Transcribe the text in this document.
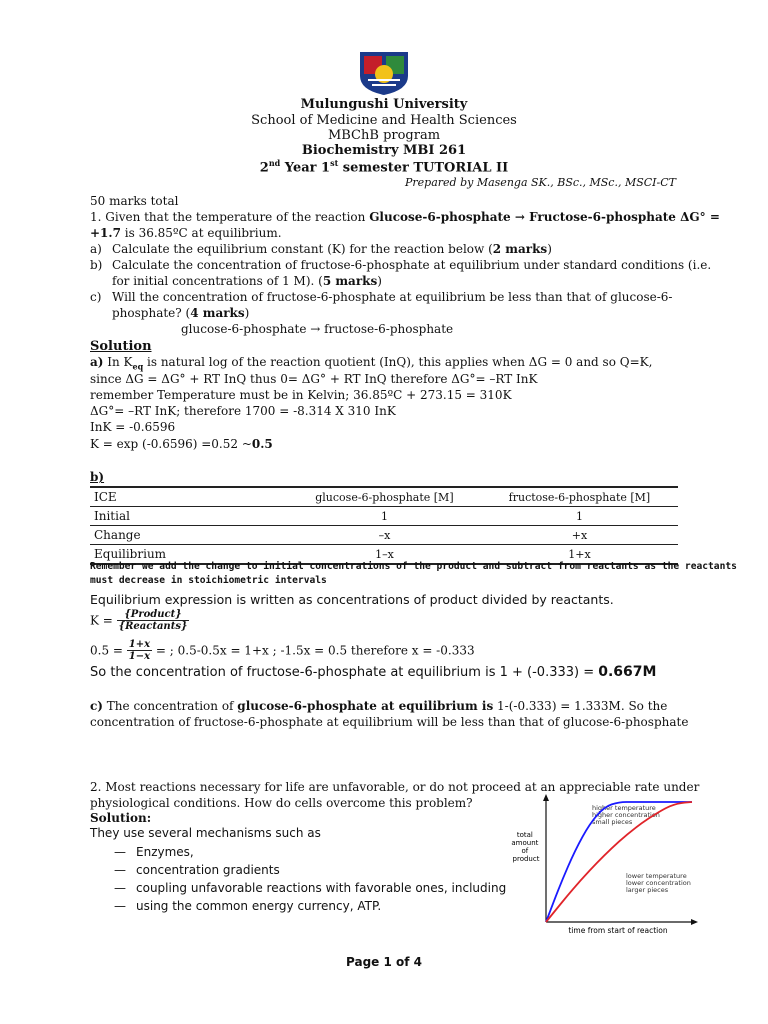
Mulungushi University
School of Medicine and Health Sciences
MBChB program
Biochemistry MBI 261
2nd Year 1st semester TUTORIAL II
Prepared by Masenga SK., BSc., MSc., MSCI-CT
50 marks total
1. Given that the temperature of the reaction Glucose-6-phosphate → Fructose-6-phosphate ΔG° =
+1.7 is 36.85ºC at equilibrium.
a) Calculate the equilibrium constant (K) for the reaction below (2 marks)
b) Calculate the concentration of fructose-6-phosphate at equilibrium under standard conditions (i.e.
for initial concentrations of 1 M). (5 marks)
c) Will the concentration of fructose-6-phosphate at equilibrium be less than that of glucose-6-
phosphate? (4 marks)
glucose-6-phosphate → fructose-6-phosphate
Solution
a) In $K_{eq}$ is natural log of the reaction quotient (InQ), this applies when ΔG = 0 and so Q=K,
since ΔG = ΔG° + RT InQ thus 0= ΔG° + RT InQ therefore ΔG°= –RT InK
remember Temperature must be in Kelvin; 36.85ºC + 273.15 = 310K
ΔG°= –RT InK; therefore 1700 = -8.314 X 310 InK
InK = -0.6596
K = exp (-0.6596) =0.52 ~0.5
b)
ICE	glucose-6-phosphate [M]	fructose-6-phosphate [M]
Initial	1	1
Change	–x	+x
Equilibrium	1–x	1+x
Remember we add the change to initial concentrations of the product and subtract from reactants as the reactants
must decrease in stoichiometric intervals
Equilibrium expression is written as concentrations of product divided by reactants.
$K = \frac{\text{\{Product\}}}{\text{\{Reactants\}}}$
$0.5 = \frac{1+x}{1-x}$ = ; 0.5-0.5x = 1+x ; -1.5x = 0.5 therefore x = -0.333
So the concentration of fructose-6-phosphate at equilibrium is 1 + (-0.333) = 0.667M
c) The concentration of glucose-6-phosphate at equilibrium is 1-(-0.333) = 1.333M. So the
concentration of fructose-6-phosphate at equilibrium will be less than that of glucose-6-phosphate
2. Most reactions necessary for life are unfavorable, or do not proceed at an appreciable rate under
physiological conditions. How do cells overcome this problem?
Solution:
They use several mechanisms such as
— Enzymes,
— concentration gradients
— coupling unfavorable reactions with favorable ones, including
— using the common energy currency, ATP.
total amount of product
time from start of reaction
higher temperature higher concentration small pieces
lower temperature lower concentration larger pieces
Page 1 of 4
